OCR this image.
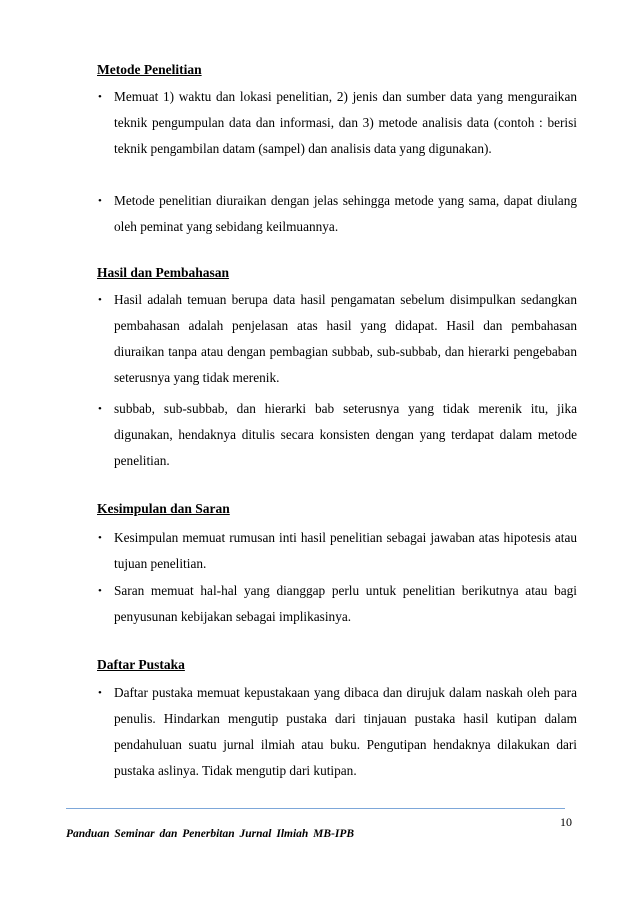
Metode Penelitian
• Memuat 1) waktu dan lokasi penelitian, 2) jenis dan sumber data yang menguraikan teknik pengumpulan data dan informasi, dan 3) metode analisis data (contoh : berisi teknik pengambilan datam (sampel) dan analisis data yang digunakan).
• Metode penelitian diuraikan dengan jelas sehingga metode yang sama, dapat diulang oleh peminat yang sebidang keilmuannya.
Hasil dan Pembahasan
• Hasil adalah temuan berupa data hasil pengamatan sebelum disimpulkan sedangkan pembahasan adalah penjelasan atas hasil yang didapat. Hasil dan pembahasan diuraikan tanpa atau dengan pembagian subbab, sub-subbab, dan hierarki pengebaban seterusnya yang tidak merenik.
• subbab, sub-subbab, dan hierarki bab seterusnya yang tidak merenik itu, jika digunakan, hendaknya ditulis secara konsisten dengan yang terdapat dalam metode penelitian.
Kesimpulan dan Saran
• Kesimpulan memuat rumusan inti hasil penelitian sebagai jawaban atas hipotesis atau tujuan penelitian.
• Saran memuat hal-hal yang dianggap perlu untuk penelitian berikutnya atau bagi penyusunan kebijakan sebagai implikasinya.
Daftar Pustaka
• Daftar pustaka memuat kepustakaan yang dibaca dan dirujuk dalam naskah oleh para penulis. Hindarkan mengutip pustaka dari tinjauan pustaka hasil kutipan dalam pendahuluan suatu jurnal ilmiah atau buku. Pengutipan hendaknya dilakukan dari pustaka aslinya. Tidak mengutip dari kutipan.
10
Panduan Seminar dan Penerbitan Jurnal Ilmiah MB-IPB
